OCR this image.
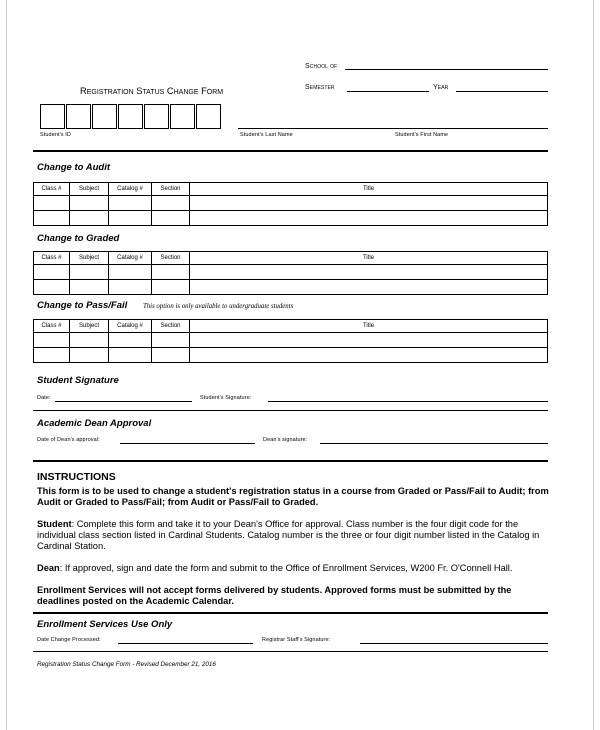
School of
Registration Status Change Form	Semester	Year
Student's ID	Student's Last Name	Student's First Name
Change to Audit
Class #	Subject	Catalog #	Section	Title

Change to Graded
Class #	Subject	Catalog #	Section	Title

Change to Pass/Fail This option is only available to undergraduate students
Class #	Subject	Catalog #	Section	Title

Student Signature
Date:	Student's Signature:
Academic Dean Approval
Date of Dean's approval:	Dean's signature:
INSTRUCTIONS
This form is to be used to change a student's registration status in a course from Graded or Pass/Fail to Audit; from Audit or Graded to Pass/Fail; from Audit or Pass/Fail to Graded.
Student: Complete this form and take it to your Dean's Office for approval. Class number is the four digit code for the individual class section listed in Cardinal Students. Catalog number is the three or four digit number listed in the Catalog in Cardinal Station.
Dean: If approved, sign and date the form and submit to the Office of Enrollment Services, W200 Fr. O'Connell Hall.
Enrollment Services will not accept forms delivered by students. Approved forms must be submitted by the deadlines posted on the Academic Calendar.
Enrollment Services Use Only
Date Change Processed:	Registrar Staff's Signature:
Registration Status Change Form - Revised December 21, 2016
